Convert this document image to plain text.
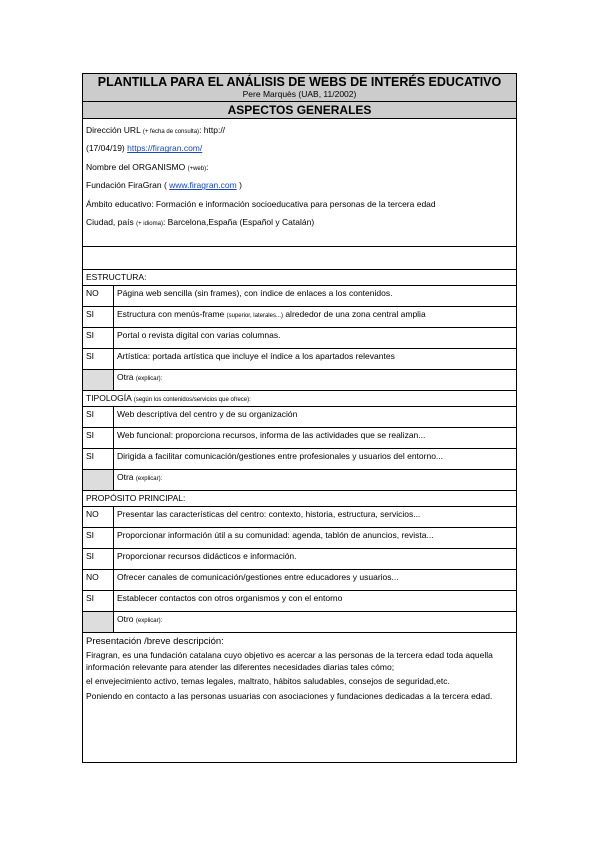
PLANTILLA PARA EL ANÁLISIS DE WEBS DE INTERÉS EDUCATIVO
Pere Marquès (UAB, 11/2002)
ASPECTOS GENERALES
Dirección URL (+ fecha de consulta): http://
(17/04/19) https://firagran.com/
Nombre del ORGANISMO (+web):
Fundación FiraGran ( www.firagran.com )
Ámbito educativo: Formación e información socioeducativa para personas de la tercera edad
Ciudad, país (+ idioma): Barcelona,España (Español y Catalán)
ESTRUCTURA:
NO	Página web sencilla (sin frames), con índice de enlaces a los contenidos.
SI	Estructura con menús-frame (superior, laterales...) alrededor de una zona central amplia
SI	Portal o revista digital con varias columnas.
SI	Artística: portada artística que incluye el índice a los apartados relevantes
Otra (explicar):
TIPOLOGÍA (según los contenidos/servicios que ofrece):
SI	Web descriptiva del centro y de su organización
SI	Web funcional: proporciona recursos, informa de las actividades que se realizan...
SI	Dirigida a facilitar comunicación/gestiones entre profesionales y usuarios del entorno...
Otra (explicar):
PROPÓSITO PRINCIPAL:
NO	Presentar las características del centro: contexto, historia, estructura, servicios...
SI	Proporcionar información útil a su comunidad: agenda, tablón de anuncios, revista...
SI	Proporcionar recursos didácticos e información.
NO	Ofrecer canales de comunicación/gestiones entre educadores y usuarios...
SI	Establecer contactos con otros organismos y con el entorno
Otro (explicar):
Presentación /breve descripción:

Firagran, es una fundación catalana cuyo objetivo es acercar a las personas de la tercera edad toda aquella información relevante para atender las diferentes necesidades diarias tales cómo;

el envejecimiento activo, temas legales, maltrato, hábitos saludables, consejos de seguridad,etc.

Poniendo en contacto a las personas usuarias con asociaciones y fundaciones dedicadas a la tercera edad.
